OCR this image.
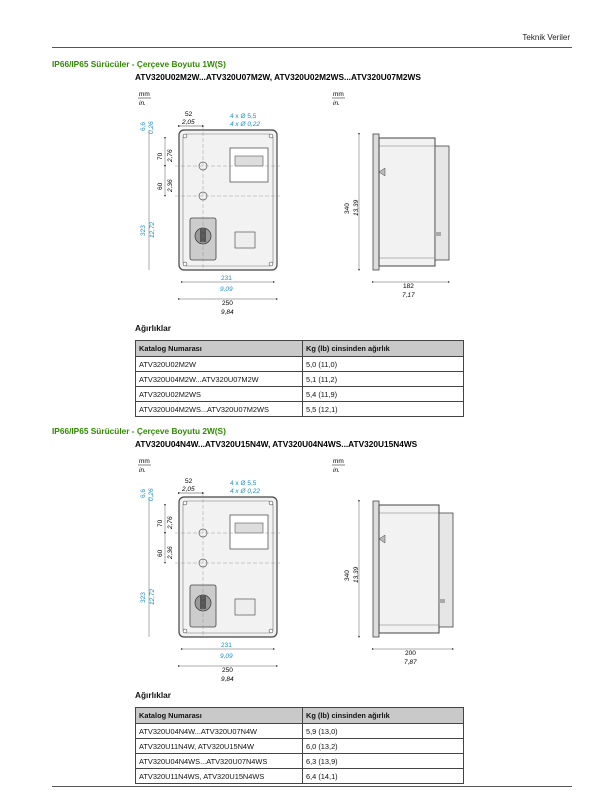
Teknik Veriler
IP66/IP65 Sürücüler - Çerçeve Boyutu 1W(S)
ATV320U02M2W...ATV320U07M2W, ATV320U02M2WS...ATV320U07M2WS
mm
in.
mm
in.
52
2,05
4 x Ø 5,5
4 x Ø 0,22
6,6 0,26
70 2,76
60 2,36
323 12,72
231
9,09
250
9,84
340 13,39
182
7,17
Ağırlıklar
Katalog Numarası	Kg (lb) cinsinden ağırlık
ATV320U02M2W	5,0 (11,0)
ATV320U04M2W...ATV320U07M2W	5,1 (11,2)
ATV320U02M2WS	5,4 (11,9)
ATV320U04M2WS...ATV320U07M2WS	5,5 (12,1)
IP66/IP65 Sürücüler - Çerçeve Boyutu 2W(S)
ATV320U04N4W...ATV320U15N4W, ATV320U04N4WS...ATV320U15N4WS
mm
in.
mm
in.
52
2,05
4 x Ø 5,5
4 x Ø 0,22
6,6 0,26
70 2,76
60 2,36
323 12,72
231
9,09
250
9,84
340 13,39
200
7,87
Ağırlıklar
Katalog Numarası	Kg (lb) cinsinden ağırlık
ATV320U04N4W...ATV320U07N4W	5,9 (13,0)
ATV320U11N4W, ATV320U15N4W	6,0 (13,2)
ATV320U04N4WS...ATV320U07N4WS	6,3 (13,9)
ATV320U11N4WS, ATV320U15N4WS	6,4 (14,1)
